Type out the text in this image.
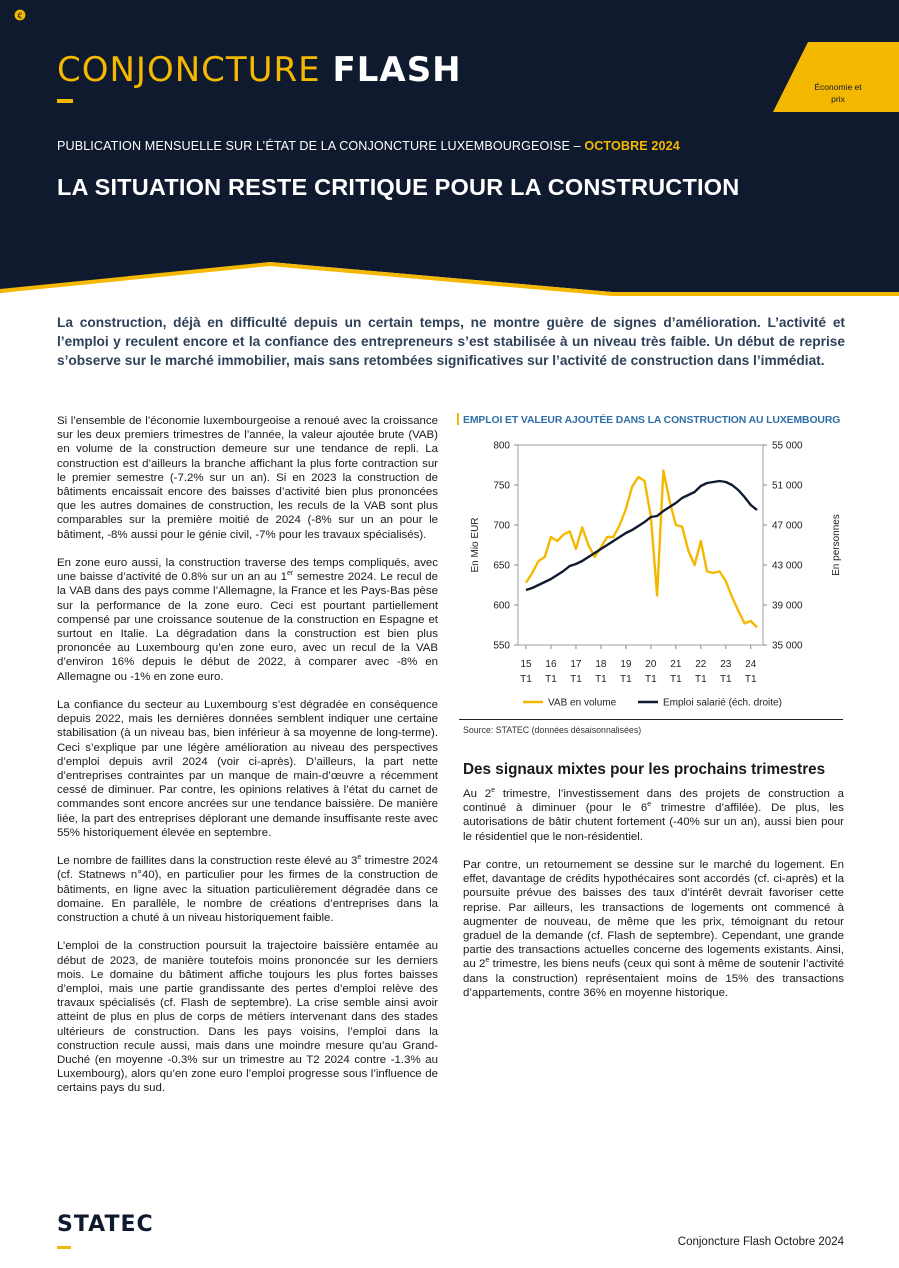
CONJONCTURE FLASH
€
Économie et prix
PUBLICATION MENSUELLE SUR L’ÉTAT DE LA CONJONCTURE LUXEMBOURGEOISE – OCTOBRE 2024
LA SITUATION RESTE CRITIQUE POUR LA CONSTRUCTION
La construction, déjà en difficulté depuis un certain temps, ne montre guère de signes d’amélioration. L’activité et l’emploi y reculent encore et la confiance des entrepreneurs s’est stabilisée à un niveau très faible. Un début de reprise s’observe sur le marché immobilier, mais sans retombées significatives sur l’activité de construction dans l’immédiat.

Si l’ensemble de l’économie luxembourgeoise a renoué avec la croissance sur les deux premiers trimestres de l’année, la valeur ajoutée brute (VAB) en volume de la construction demeure sur une tendance de repli. La construction est d’ailleurs la branche affichant la plus forte contraction sur le premier semestre (-7.2% sur un an). Si en 2023 la construction de bâtiments encaissait encore des baisses d’activité bien plus prononcées que les autres domaines de construction, les reculs de la VAB sont plus comparables sur la première moitié de 2024 (-8% sur un an pour le bâtiment, -8% aussi pour le génie civil, -7% pour les travaux spécialisés).

En zone euro aussi, la construction traverse des temps compliqués, avec une baisse d’activité de 0.8% sur un an au 1er semestre 2024. Le recul de la VAB dans des pays comme l’Allemagne, la France et les Pays-Bas pèse sur la performance de la zone euro. Ceci est pourtant partiellement compensé par une croissance soutenue de la construction en Espagne et surtout en Italie. La dégradation dans la construction est bien plus prononcée au Luxembourg qu’en zone euro, avec un recul de la VAB d’environ 16% depuis le début de 2022, à comparer avec -8% en Allemagne ou -1% en zone euro.

La confiance du secteur au Luxembourg s’est dégradée en conséquence depuis 2022, mais les dernières données semblent indiquer une certaine stabilisation (à un niveau bas, bien inférieur à sa moyenne de long-terme). Ceci s’explique par une légère amélioration au niveau des perspectives d’emploi depuis avril 2024 (voir ci-après). D’ailleurs, la part nette d’entreprises contraintes par un manque de main-d’œuvre a récemment cessé de diminuer. Par contre, les opinions relatives à l’état du carnet de commandes sont encore ancrées sur une tendance baissière. De manière liée, la part des entreprises déplorant une demande insuffisante reste avec 55% historiquement élevée en septembre.

Le nombre de faillites dans la construction reste élevé au 3e trimestre 2024 (cf. Statnews n°40), en particulier pour les firmes de la construction de bâtiments, en ligne avec la situation particulièrement dégradée dans ce domaine. En parallèle, le nombre de créations d’entreprises dans la construction a chuté à un niveau historiquement faible.

L’emploi de la construction poursuit la trajectoire baissière entamée au début de 2023, de manière toutefois moins prononcée sur les derniers mois. Le domaine du bâtiment affiche toujours les plus fortes baisses d’emploi, mais une partie grandissante des pertes d’emploi relève des travaux spécialisés (cf. Flash de septembre). La crise semble ainsi avoir atteint de plus en plus de corps de métiers intervenant dans des stades ultérieurs de construction. Dans les pays voisins, l’emploi dans la construction recule aussi, mais dans une moindre mesure qu’au Grand-Duché (en moyenne -0.3% sur un trimestre au T2 2024 contre -1.3% au Luxembourg), alors qu’en zone euro l’emploi progresse sous l’influence de certains pays du sud.

EMPLOI ET VALEUR AJOUTÉE DANS LA CONSTRUCTION AU LUXEMBOURG
800
750
700
650
600
550
55 000
51 000
47 000
43 000
39 000
35 000
15
T1
16
T1
17
T1
18
T1
19
T1
20
T1
21
T1
22
T1
23
T1
24
T1
En Mio EUR	En personnes
VAB en volume	Emploi salarié (éch. droite)
Source: STATEC (données désaisonnalisées)
Des signaux mixtes pour les prochains trimestres

Au 2e trimestre, l’investissement dans des projets de construction a continué à diminuer (pour le 6e trimestre d’affilée). De plus, les autorisations de bâtir chutent fortement (-40% sur un an), aussi bien pour le résidentiel que le non-résidentiel.

Par contre, un retournement se dessine sur le marché du logement. En effet, davantage de crédits hypothécaires sont accordés (cf. ci-après) et la poursuite prévue des baisses des taux d’intérêt devrait favoriser cette reprise. Par ailleurs, les transactions de logements ont commencé à augmenter de nouveau, de même que les prix, témoignant du retour graduel de la demande (cf. Flash de septembre). Cependant, une grande partie des transactions actuelles concerne des logements existants. Ainsi, au 2e trimestre, les biens neufs (ceux qui sont à même de soutenir l’activité dans la construction) représentaient moins de 15% des transactions d’appartements, contre 36% en moyenne historique.

STATEC
Conjoncture Flash Octobre 2024
